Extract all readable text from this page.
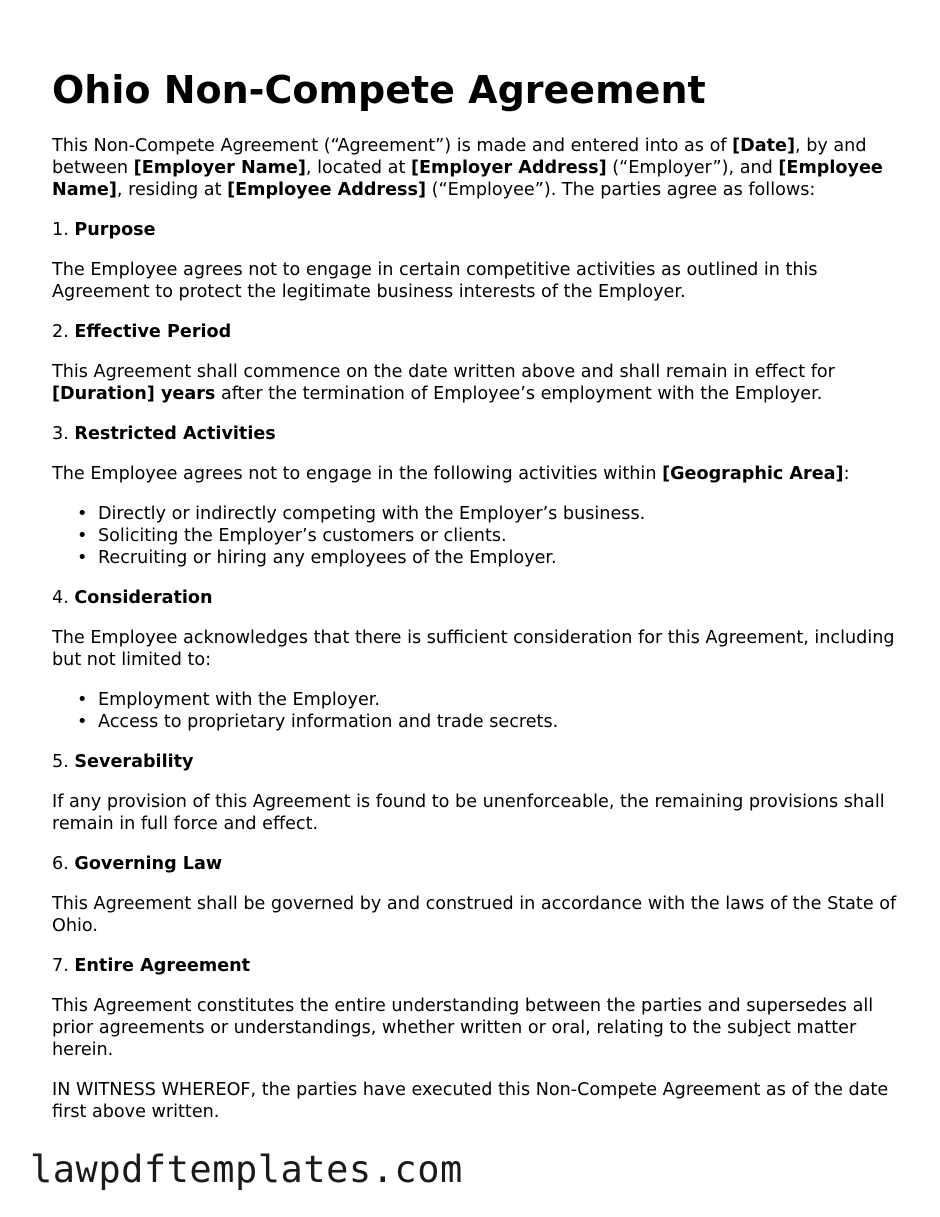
Ohio Non-Compete Agreement

This Non-Compete Agreement (“Agreement”) is made and entered into as of [Date], by and between [Employer Name], located at [Employer Address] (“Employer”), and [Employee Name], residing at [Employee Address] (“Employee”). The parties agree as follows:

1. Purpose

The Employee agrees not to engage in certain competitive activities as outlined in this Agreement to protect the legitimate business interests of the Employer.

2. Effective Period

This Agreement shall commence on the date written above and shall remain in effect for [Duration] years after the termination of Employee’s employment with the Employer.

3. Restricted Activities

The Employee agrees not to engage in the following activities within [Geographic Area]:

• Directly or indirectly competing with the Employer’s business.
• Soliciting the Employer’s customers or clients.
• Recruiting or hiring any employees of the Employer.
4. Consideration

The Employee acknowledges that there is sufficient consideration for this Agreement, including but not limited to:

• Employment with the Employer.
• Access to proprietary information and trade secrets.
5. Severability

If any provision of this Agreement is found to be unenforceable, the remaining provisions shall remain in full force and effect.

6. Governing Law

This Agreement shall be governed by and construed in accordance with the laws of the State of Ohio.

7. Entire Agreement

This Agreement constitutes the entire understanding between the parties and supersedes all prior agreements or understandings, whether written or oral, relating to the subject matter herein.

IN WITNESS WHEREOF, the parties have executed this Non-Compete Agreement as of the date first above written.

lawpdftemplates.com
